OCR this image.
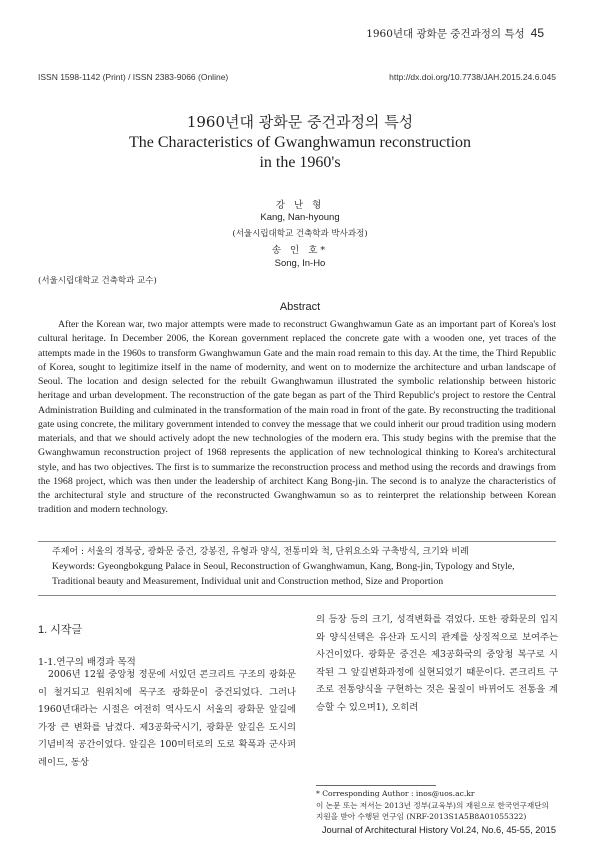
1960년대 광화문 중건과정의 특성 45
ISSN 1598-1142 (Print) / ISSN 2383-9066 (Online)	http://dx.doi.org/10.7738/JAH.2015.24.6.045
1960년대 광화문 중건과정의 특성
The Characteristics of Gwanghwamun reconstruction
in the 1960's
강 난 형
Kang, Nan-hyoung
(서울시립대학교 건축학과 박사과정)
송 인 호*
Song, In-Ho
(서울시립대학교 건축학과 교수)
Abstract

After the Korean war, two major attempts were made to reconstruct Gwanghwamun Gate as an important part of Korea's lost cultural heritage. In December 2006, the Korean government replaced the concrete gate with a wooden one, yet traces of the attempts made in the 1960s to transform Gwanghwamun Gate and the main road remain to this day. At the time, the Third Republic of Korea, sought to legitimize itself in the name of modernity, and went on to modernize the architecture and urban landscape of Seoul. The location and design selected for the rebuilt Gwanghwamun illustrated the symbolic relationship between historic heritage and urban development. The reconstruction of the gate began as part of the Third Republic's project to restore the Central Administration Building and culminated in the transformation of the main road in front of the gate. By reconstructing the traditional gate using concrete, the military government intended to convey the message that we could inherit our proud tradition using modern materials, and that we should actively adopt the new technologies of the modern era. This study begins with the premise that the Gwanghwamun reconstruction project of 1968 represents the application of new technological thinking to Korea's architectural style, and has two objectives. The first is to summarize the reconstruction process and method using the records and drawings from the 1968 project, which was then under the leadership of architect Kang Bong-jin. The second is to analyze the characteristics of the architectural style and structure of the reconstructed Gwanghwamun so as to reinterpret the relationship between Korean tradition and modern technology.

주제어 : 서울의 경복궁, 광화문 중건, 강봉진, 유형과 양식, 전통미와 척, 단위요소와 구축방식, 크기와 비례

Keywords: Gyeongbokgung Palace in Seoul, Reconstruction of Gwanghwamun, Kang, Bong-jin, Typology and Style, Traditional beauty and Measurement, Individual unit and Construction method, Size and Proportion

1. 시작글
1-1.연구의 배경과 목적

2006년 12월 중앙청 정문에 서있던 콘크리트 구조의 광화문이 철거되고 원위치에 목구조 광화문이 중건되었다. 그러나 1960년대라는 시절은 여전히 역사도시 서울의 광화문 앞길에 가장 큰 변화를 남겼다. 제3공화국시기, 광화문 앞길은 도시의 기념비적 공간이었다. 앞길은 100미터로의 도로 확폭과 군사퍼레이드, 동상

의 등장 등의 크기, 성격변화를 겪었다. 또한 광화문의 입지와 양식선택은 유산과 도시의 관계를 상징적으로 보여주는 사건이었다. 광화문 중건은 제3공화국의 중앙청 복구로 시작된 그 앞길변화과정에 실현되었기 때문이다. 콘크리트 구조로 전통양식을 구현하는 것은 물질이 바뀌어도 전통을 계승할 수 있으며1), 오히려

* Corresponding Author : inos@uos.ac.kr

이 논문 또는 저서는 2013년 정부(교육부)의 재원으로 한국연구재단의 지원을 받아 수행된 연구임 (NRF-2013S1A5B8A01055322)

Journal of Architectural History Vol.24, No.6, 45-55, 2015
